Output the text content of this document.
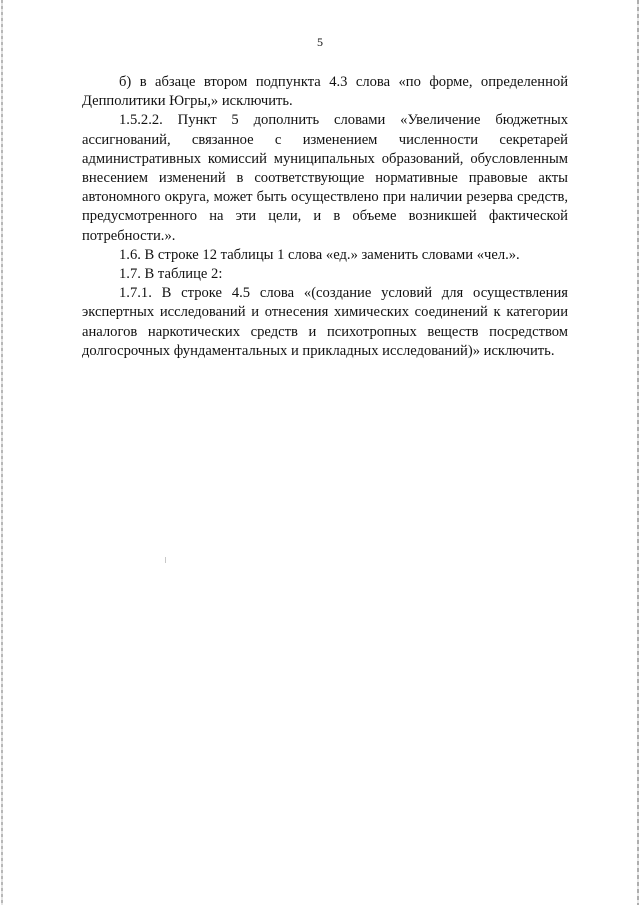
5

б) в абзаце втором подпункта 4.3 слова «по форме, определенной Депполитики Югры,» исключить.

1.5.2.2. Пункт 5 дополнить словами «Увеличение бюджетных ассигнований, связанное с изменением численности секретарей административных комиссий муниципальных образований, обусловленным внесением изменений в соответствующие нормативные правовые акты автономного округа, может быть осуществлено при наличии резерва средств, предусмотренного на эти цели, и в объеме возникшей фактической потребности.».

1.6. В строке 12 таблицы 1 слова «ед.» заменить словами «чел.».

1.7. В таблице 2:

1.7.1. В строке 4.5 слова «(создание условий для осуществления экспертных исследований и отнесения химических соединений к категории аналогов наркотических средств и психотропных веществ посредством долгосрочных фундаментальных и прикладных исследований)» исключить.
